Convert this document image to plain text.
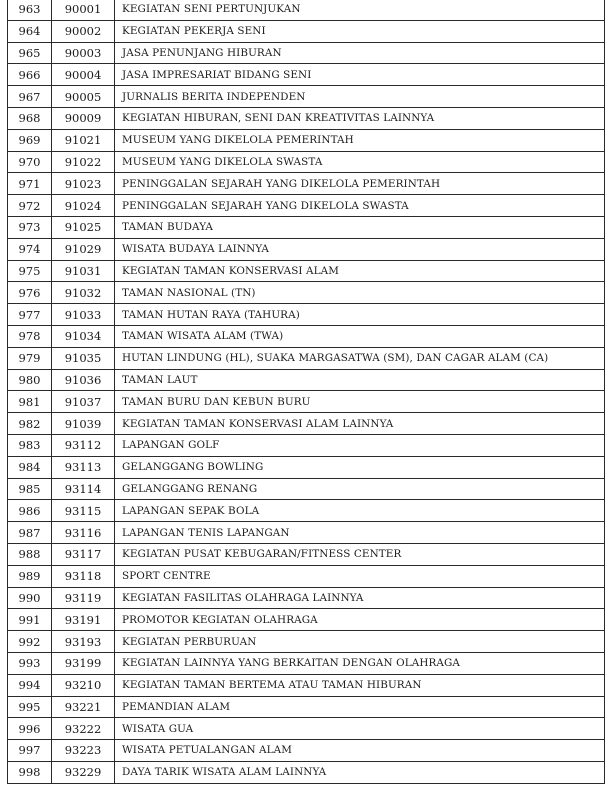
963	90001	KEGIATAN SENI PERTUNJUKAN
964	90002	KEGIATAN PEKERJA SENI
965	90003	JASA PENUNJANG HIBURAN
966	90004	JASA IMPRESARIAT BIDANG SENI
967	90005	JURNALIS BERITA INDEPENDEN
968	90009	KEGIATAN HIBURAN, SENI DAN KREATIVITAS LAINNYA
969	91021	MUSEUM YANG DIKELOLA PEMERINTAH
970	91022	MUSEUM YANG DIKELOLA SWASTA
971	91023	PENINGGALAN SEJARAH YANG DIKELOLA PEMERINTAH
972	91024	PENINGGALAN SEJARAH YANG DIKELOLA SWASTA
973	91025	TAMAN BUDAYA
974	91029	WISATA BUDAYA LAINNYA
975	91031	KEGIATAN TAMAN KONSERVASI ALAM
976	91032	TAMAN NASIONAL (TN)
977	91033	TAMAN HUTAN RAYA (TAHURA)
978	91034	TAMAN WISATA ALAM (TWA)
979	91035	HUTAN LINDUNG (HL), SUAKA MARGASATWA (SM), DAN CAGAR ALAM (CA)
980	91036	TAMAN LAUT
981	91037	TAMAN BURU DAN KEBUN BURU
982	91039	KEGIATAN TAMAN KONSERVASI ALAM LAINNYA
983	93112	LAPANGAN GOLF
984	93113	GELANGGANG BOWLING
985	93114	GELANGGANG RENANG
986	93115	LAPANGAN SEPAK BOLA
987	93116	LAPANGAN TENIS LAPANGAN
988	93117	KEGIATAN PUSAT KEBUGARAN/FITNESS CENTER
989	93118	SPORT CENTRE
990	93119	KEGIATAN FASILITAS OLAHRAGA LAINNYA
991	93191	PROMOTOR KEGIATAN OLAHRAGA
992	93193	KEGIATAN PERBURUAN
993	93199	KEGIATAN LAINNYA YANG BERKAITAN DENGAN OLAHRAGA
994	93210	KEGIATAN TAMAN BERTEMA ATAU TAMAN HIBURAN
995	93221	PEMANDIAN ALAM
996	93222	WISATA GUA
997	93223	WISATA PETUALANGAN ALAM
998	93229	DAYA TARIK WISATA ALAM LAINNYA
